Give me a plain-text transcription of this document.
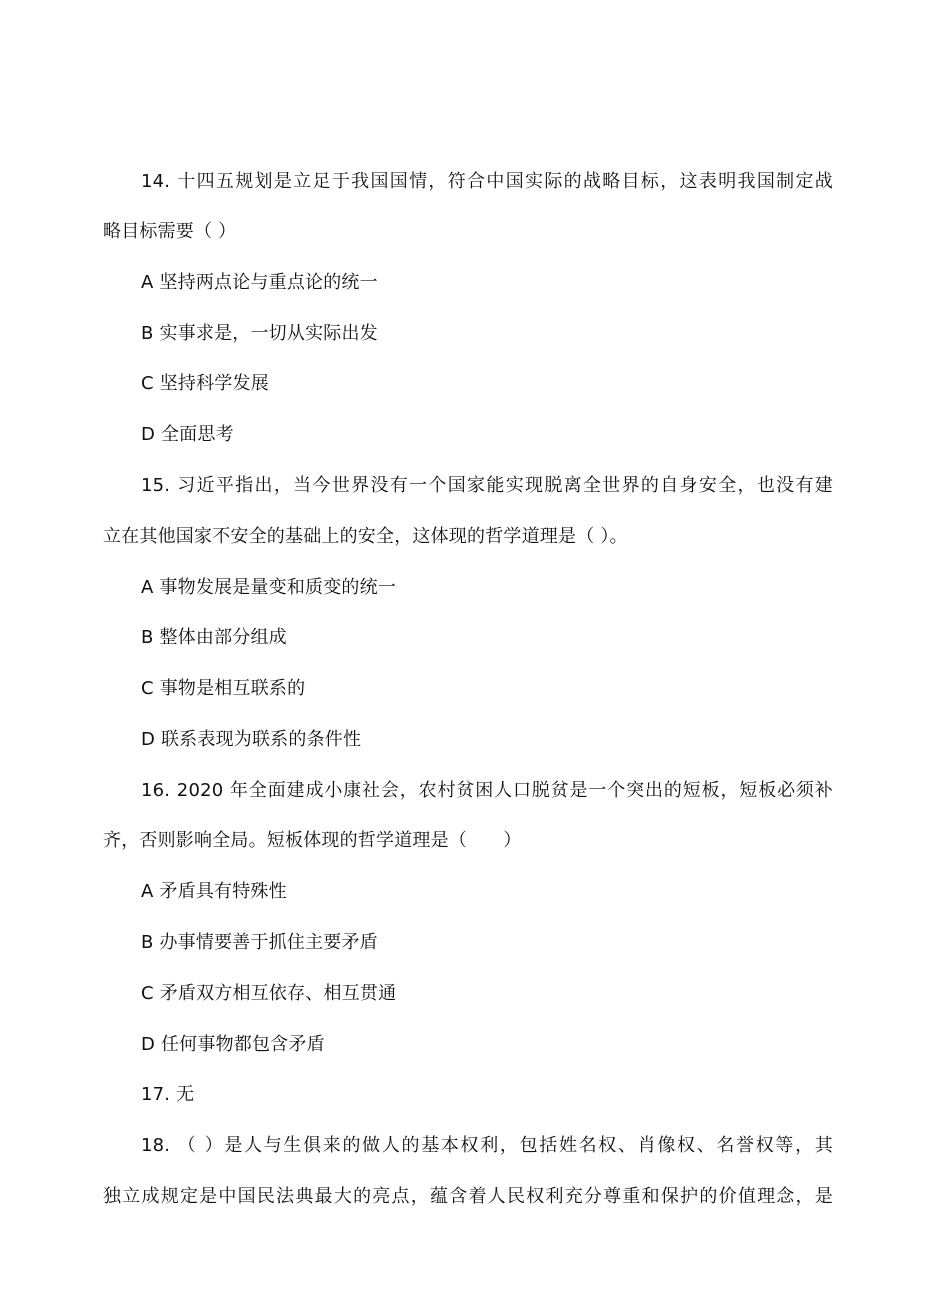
14. 十四五规划是立足于我国国情，符合中国实际的战略目标，这表明我国制定战
略目标需要（ ）
A 坚持两点论与重点论的统一
B 实事求是，一切从实际出发
C 坚持科学发展
D 全面思考
15. 习近平指出，当今世界没有一个国家能实现脱离全世界的自身安全，也没有建
立在其他国家不安全的基础上的安全，这体现的哲学道理是（ ）。
A 事物发展是量变和质变的统一
B 整体由部分组成
C 事物是相互联系的
D 联系表现为联系的条件性
16. 2020 年全面建成小康社会，农村贫困人口脱贫是一个突出的短板，短板必须补
齐，否则影响全局。短板体现的哲学道理是（　　）
A 矛盾具有特殊性
B 办事情要善于抓住主要矛盾
C 矛盾双方相互依存、相互贯通
D 任何事物都包含矛盾
17. 无
18. （ ）是人与生俱来的做人的基本权利，包括姓名权、肖像权、名誉权等，其
独立成规定是中国民法典最大的亮点，蕴含着人民权利充分尊重和保护的价值理念，是
